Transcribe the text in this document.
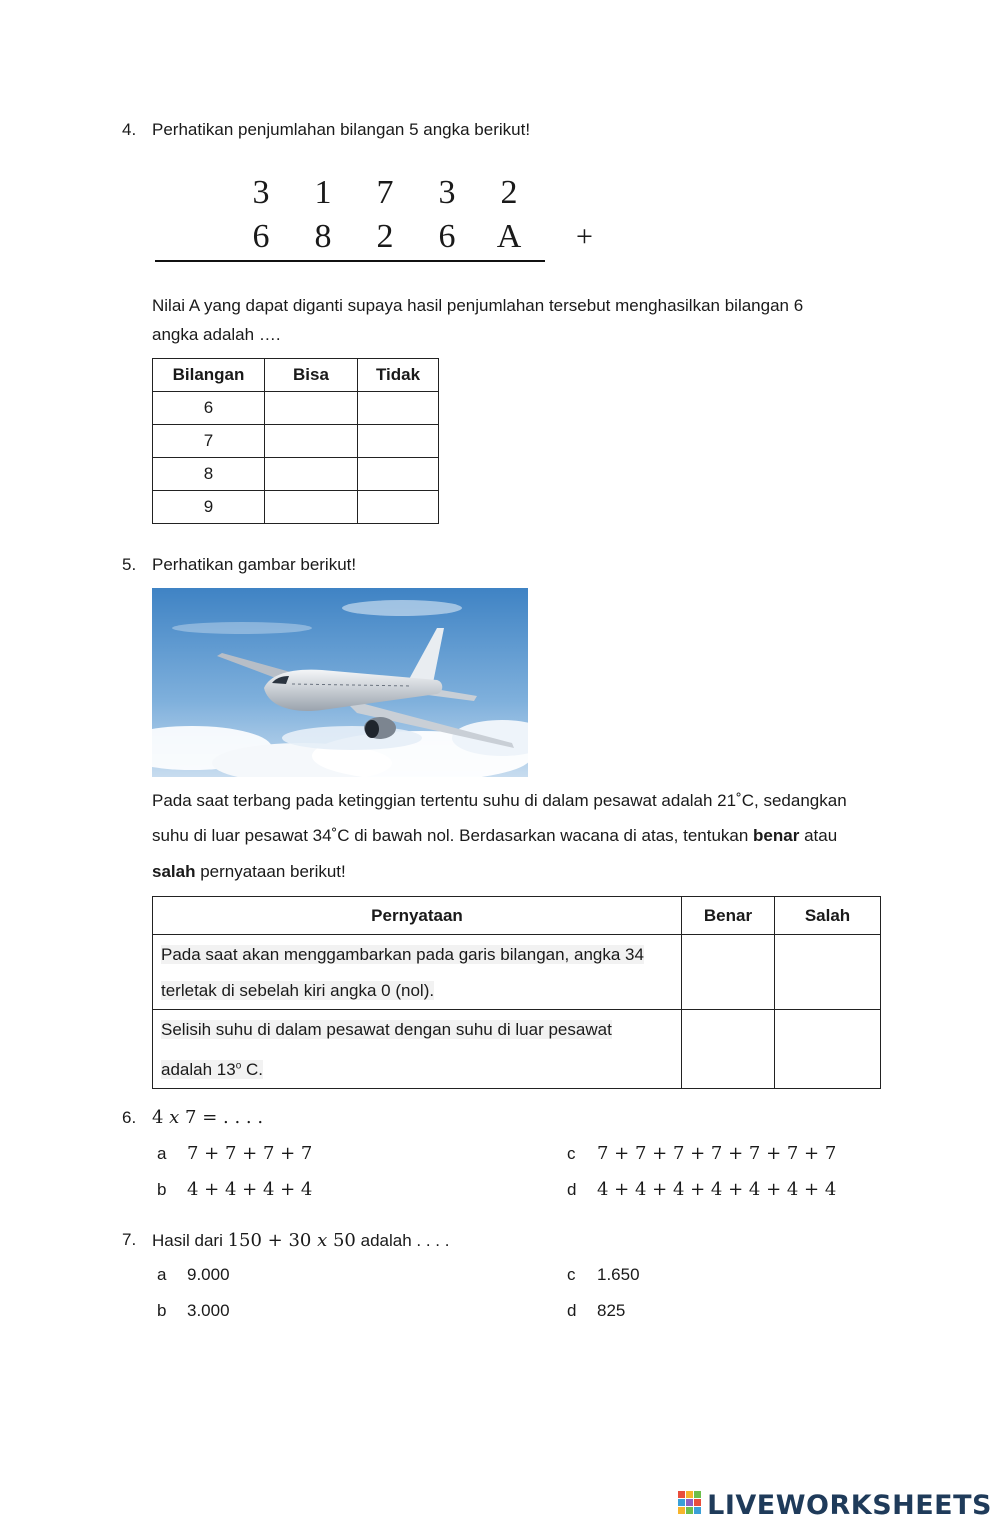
4. Perhatikan penjumlahan bilangan 5 angka berikut!
3	1	7	3	2
6	8	2	6	A	+
Nilai A yang dapat diganti supaya hasil penjumlahan tersebut menghasilkan bilangan 6
angka adalah ….
Bilangan	Bisa	Tidak
6		
7		
8		
9		
5. Perhatikan gambar berikut!
Pada saat terbang pada ketinggian tertentu suhu di dalam pesawat adalah 21˚C, sedangkan
suhu di luar pesawat 34˚C di bawah nol. Berdasarkan wacana di atas, tentukan benar atau
salah pernyataan berikut!
Pernyataan	Benar	Salah
Pada saat akan menggambarkan pada garis bilangan, angka 34
terletak di sebelah kiri angka 0 (nol).		
Selisih suhu di dalam pesawat dengan suhu di luar pesawat
adalah 13$^o$ C.		
6. 4 𝑥 7 = . . . .
a 7 + 7 + 7 + 7
b 4 + 4 + 4 + 4
c 7 + 7 + 7 + 7 + 7 + 7 + 7
d 4 + 4 + 4 + 4 + 4 + 4 + 4
7. Hasil dari 150 + 30 𝑥 50 adalah . . . .
a 9.000
b 3.000
c 1.650
d 825
LIVEWORKSHEETS
